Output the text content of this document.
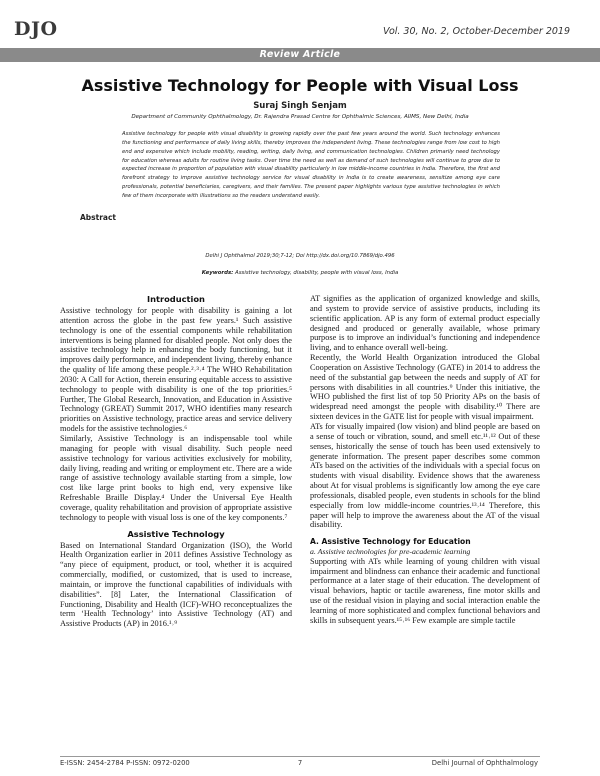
DJO	Vol. 30, No. 2, October-December 2019
Review Article
Assistive Technology for People with Visual Loss
Suraj Singh Senjam
Department of Community Ophthalmology, Dr. Rajendra Prasad Centre for Ophthalmic Sciences, AIIMS, New Delhi, India
Abstract
Assistive technology for people with visual disability is growing rapidly over the past few years around the world. Such technology enhances the functioning and performance of daily living skills, thereby improves the independent living. These technologies range from low cost to high end and expensive which include mobility, reading, writing, daily living, and communication technologies. Children primarily need technology for education whereas adults for routine living tasks. Over time the need as well as demand of such technologies will continue to grow due to expected increase in proportion of population with visual disability particularly in low middle-income countries in India. Therefore, the first and forefront strategy to improve assistive technology service for visual disability in India is to create awareness, sensitize among eye care professionals, potential beneficiaries, caregivers, and their families. The present paper highlights various type assistive technologies in which few of them incorporate with illustrations so the readers understand easily.
Delhi J Ophthalmol 2019;30;7-12; Doi http://dx.doi.org/10.7869/djo.496
Keywords: Assistive technology, disability, people with visual loss, India
Introduction

Assistive technology for people with disability is gaining a lot attention across the globe in the past few years.¹ Such assistive technology is one of the essential components while rehabilitation interventions is being planned for disabled people. Not only does the assistive technology help in enhancing the body functioning, but it improves daily performance, and independent living, thereby enhance the quality of life among these people.²˒³˒⁴ The WHO Rehabilitation 2030: A Call for Action, therein ensuring equitable access to assistive technology to people with disability is one of the top priorities.⁵ Further, The Global Research, Innovation, and Education in Assistive Technology (GREAT) Summit 2017, WHO identifies many research priorities on Assistive technology, practice areas and service delivery models for the assistive technologies.⁶

Similarly, Assistive Technology is an indispensable tool while managing for people with visual disability. Such people need assistive technology for various activities exclusively for mobility, daily living, reading and writing or employment etc. There are a wide range of assistive technology available starting from a simple, low cost like large print books to high end, very expensive like Refreshable Braille Display.⁴ Under the Universal Eye Health coverage, quality rehabilitation and provision of appropriate assistive technology to people with visual loss is one of the key components.⁷

Assistive Technology

Based on International Standard Organization (ISO), the World Health Organization earlier in 2011 defines Assistive Technology as “any piece of equipment, product, or tool, whether it is acquired commercially, modified, or customized, that is used to increase, maintain, or improve the functional capabilities of individuals with disabilities”. [8] Later, the International Classification of Functioning, Disability and Health (ICF)-WHO reconceptualizes the term ‘Health Technology’ into Assistive Technology (AT) and Assistive Products (AP) in 2016.¹˒⁹

AT signifies as the application of organized knowledge and skills, and system to provide service of assistive products, including its scientific application. AP is any form of external product especially designed and produced or generally available, whose primary purpose is to improve an individual’s functioning and independence living, and to enhance overall well-being.

Recently, the World Health Organization introduced the Global Cooperation on Assistive Technology (GATE) in 2014 to address the need of the substantial gap between the needs and supply of AT for persons with disabilities in all countries.⁹ Under this initiative, the WHO published the first list of top 50 Priority APs on the basis of widespread need amongst the people with disability.¹⁰ There are sixteen devices in the GATE list for people with visual impairment.

ATs for visually impaired (low vision) and blind people are based on a sense of touch or vibration, sound, and smell etc.¹¹˒¹² Out of these senses, historically the sense of touch has been used extensively to generate information. The present paper describes some common ATs based on the activities of the individuals with a special focus on students with visual disability. Evidence shows that the awareness about At for visual problems is significantly low among the eye care professionals, disabled people, even students in schools for the blind especially from low middle-income countries.¹³˒¹⁴ Therefore, this paper will help to improve the awareness about the AT of the visual disability.

A. Assistive Technology for Education

a. Assistive technologies for pre-academic learning

Supporting with ATs while learning of young children with visual impairment and blindness can enhance their academic and functional performance at a later stage of their education. The development of visual behaviors, haptic or tactile awareness, fine motor skills and use of the residual vision in playing and social interaction enable the learning of more sophisticated and complex functional behaviors and skills in subsequent years.¹⁵˒¹⁶ Few example are simple tactile

E-ISSN: 2454-2784 P-ISSN: 0972-0200	7	Delhi Journal of Ophthalmology
